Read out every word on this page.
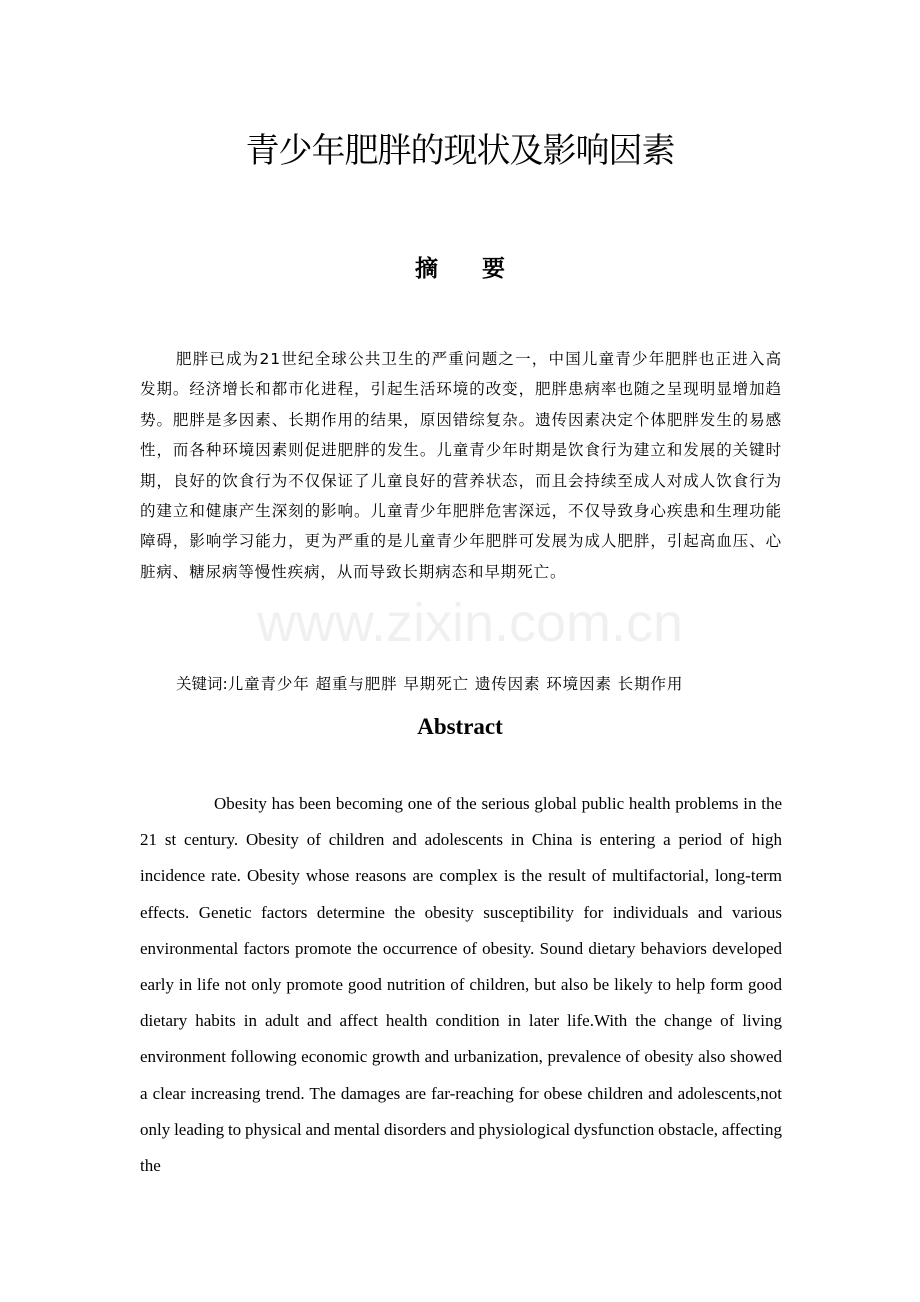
青少年肥胖的现状及影响因素
摘 要

肥胖已成为21世纪全球公共卫生的严重问题之一，中国儿童青少年肥胖也正进入高发期。经济增长和都市化进程，引起生活环境的改变，肥胖患病率也随之呈现明显增加趋势。肥胖是多因素、长期作用的结果，原因错综复杂。遗传因素决定个体肥胖发生的易感性，而各种环境因素则促进肥胖的发生。儿童青少年时期是饮食行为建立和发展的关键时期，良好的饮食行为不仅保证了儿童良好的营养状态，而且会持续至成人对成人饮食行为的建立和健康产生深刻的影响。儿童青少年肥胖危害深远，不仅导致身心疾患和生理功能障碍，影响学习能力，更为严重的是儿童青少年肥胖可发展为成人肥胖，引起高血压、心脏病、糖尿病等慢性疾病，从而导致长期病态和早期死亡。

关键词:儿童青少年 超重与肥胖 早期死亡 遗传因素 环境因素 长期作用

Abstract

Obesity has been becoming one of the serious global public health problems in the 21 st century. Obesity of children and adolescents in China is entering a period of high incidence rate. Obesity whose reasons are complex is the result of multifactorial, long-term effects. Genetic factors determine the obesity susceptibility for individuals and various environmental factors promote the occurrence of obesity. Sound dietary behaviors developed early in life not only promote good nutrition of children, but also be likely to help form good dietary habits in adult and affect health condition in later life.With the change of living environment following economic growth and urbanization, prevalence of obesity also showed a clear increasing trend. The damages are far-reaching for obese children and adolescents,not only leading to physical and mental disorders and physiological dysfunction obstacle, affecting the

www.zixin.com.cn
